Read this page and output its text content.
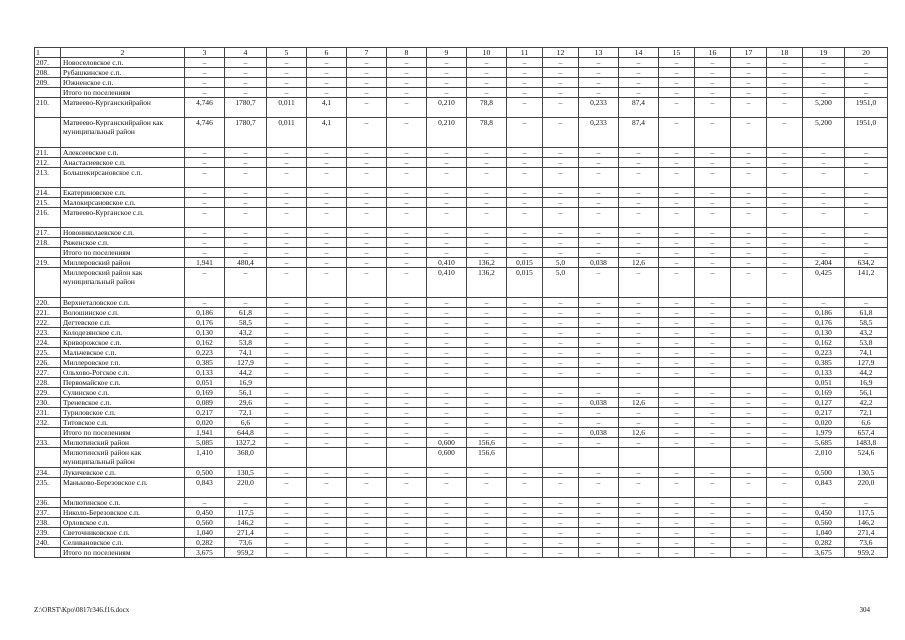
1	2	3	4	5	6	7	8	9	10	11	12	13	14	15	16	17	18	19	20
207.	Новоселовское с.п.	–	–	–	–	–	–	–	–	–	–	–	–	–	–	–	–	–	–
208.	Рубашкинское с.п.	–	–	–	–	–	–	–	–	–	–	–	–	–	–	–	–	–	–
209.	Южненское с.п.	–	–	–	–	–	–	–	–	–	–	–	–	–	–	–	–	–	–
	Итого по поселениям	–	–	–	–	–	–	–	–	–	–	–	–	–	–	–	–	–	–
210.	Матвеево-Курганскийрайон	4,746	1780,7	0,011	4,1	–	–	0,210	78,8	–	–	0,233	87,4	–	–	–	–	5,200	1951,0
	Матвеево-Курганскийрайон как муниципальный район	4,746	1780,7	0,011	4,1	–	–	0,210	78,8	–	–	0,233	87,4	–	–	–	–	5,200	1951,0
211.	Алексеевское с.п.	–	–	–	–	–	–	–	–	–	–	–	–	–	–	–	–	–	–
212.	Анастасиевское с.п.	–	–	–	–	–	–	–	–	–	–	–	–	–	–	–	–	–	–
213.	Большекирсановское с.п.	–	–	–	–	–	–	–	–	–	–	–	–	–	–	–	–	–	–
214.	Екатериновское с.п.	–	–	–	–	–	–	–	–	–	–	–	–	–	–	–	–	–	–
215.	Малокирсановское с.п.	–	–	–	–	–	–	–	–	–	–	–	–	–	–	–	–	–	–
216.	Матвеево-Курганское с.п.	–	–	–	–	–	–	–	–	–	–	–	–	–	–	–	–	–	–
217.	Новониколаевское с.п.	–	–	–	–	–	–	–	–	–	–	–	–	–	–	–	–	–	–
218.	Ряженское с.п.	–	–	–	–	–	–	–	–	–	–	–	–	–	–	–	–	–	–
	Итого по поселениям	–	–	–	–	–	–	–	–	–	–	–	–	–	–	–	–	–	–
219.	Миллеровский район	1,941	480,4	–	–	–	–	0,410	136,2	0,015	5,0	0,038	12,6	–	–	–	–	2,404	634,2
	Миллеровский район как муниципальный район	–	–	–	–	–	–	0,410	136,2	0,015	5,0	–	–	–	–	–	–	0,425	141,2
220.	Верхнеталовское с.п.	–	–	–	–	–	–	–	–	–	–	–	–	–	–	–	–	–	–
221.	Волошинское с.п.	0,186	61,8	–	–	–	–	–	–	–	–	–	–	–	–	–	–	0,186	61,8
222.	Дегтевское с.п.	0,176	58,5	–	–	–	–	–	–	–	–	–	–	–	–	–	–	0,176	58,5
223.	Колодезянское с.п.	0,130	43,2	–	–	–	–	–	–	–	–	–	–	–	–	–	–	0,130	43,2
224.	Криворожское с.п.	0,162	53,8	–	–	–	–	–	–	–	–	–	–	–	–	–	–	0,162	53,8
225.	Мальчевское с.п.	0,223	74,1	–	–	–	–	–	–	–	–	–	–	–	–	–	–	0,223	74,1
226.	Миллеровское г.п.	0,385	127,9	–	–	–	–	–	–	–	–	–	–	–	–	–	–	0,385	127,9
227.	Ольхово-Рогское с.п.	0,133	44,2	–	–	–	–	–	–	–	–	–	–	–	–	–	–	0,133	44,2
228.	Первомайское с.п.	0,051	16,9															0,051	16,9
229.	Сулинское с.п.	0,169	56,1	–	–	–	–	–	–	–	–	–	–	–	–	–	–	0,169	56,1
230.	Треневское с.п.	0,089	29,6	–	–	–	–	–	–	–	–	0,038	12,6	–	–	–	–	0,127	42,2
231.	Туриловское с.п.	0,217	72,1	–	–	–	–	–	–	–	–	–	–	–	–	–	–	0,217	72,1
232.	Титовское с.п.	0,020	6,6	–	–	–	–	–	–	–	–	–	–	–	–	–	–	0,020	6,6
	Итого по поселениям	1,941	644,8	–	–	–	–	–	–	–	–	0,038	12,6	–	–	–	–	1,979	657,4
233.	Милютинский район	5,085	1327,2	–	–	–	–	0,600	156,6	–	–	–	–	–	–	–	–	5,685	1483,8
	Милютинский район как муниципальный район	1,410	368,0					0,600	156,6									2,010	524,6
234.	Лукичевское с.п.	0,500	130,5	–	–	–	–	–	–	–	–	–	–	–	–	–	–	0,500	130,5
235.	Маньково-Березовское с.п.	0,843	220,0	–	–	–	–	–	–	–	–	–	–	–	–	–	–	0,843	220,0
236.	Милютинское с.п.	–	–	–	–	–	–	–	–	–	–	–	–	–	–	–	–	–	–
237.	Николо-Березовское с.п.	0,450	117,5	–	–	–	–	–	–	–	–	–	–	–	–	–	–	0,450	117,5
238.	Орловское с.п.	0,560	146,2	–	–	–	–	–	–	–	–	–	–	–	–	–	–	0,560	146,2
239.	Светочниковское с.п.	1,040	271,4	–	–	–	–	–	–	–	–	–	–	–	–	–	–	1,040	271,4
240.	Селивановское с.п.	0,282	73,6	–	–	–	–	–	–	–	–	–	–	–	–	–	–	0,282	73,6
	Итого по поселениям	3,675	959,2	–	–	–	–	–	–	–	–	–	–	–	–	–	–	3,675	959,2
Z:\ORST\Kpo\0817r346.f16.docx	304
